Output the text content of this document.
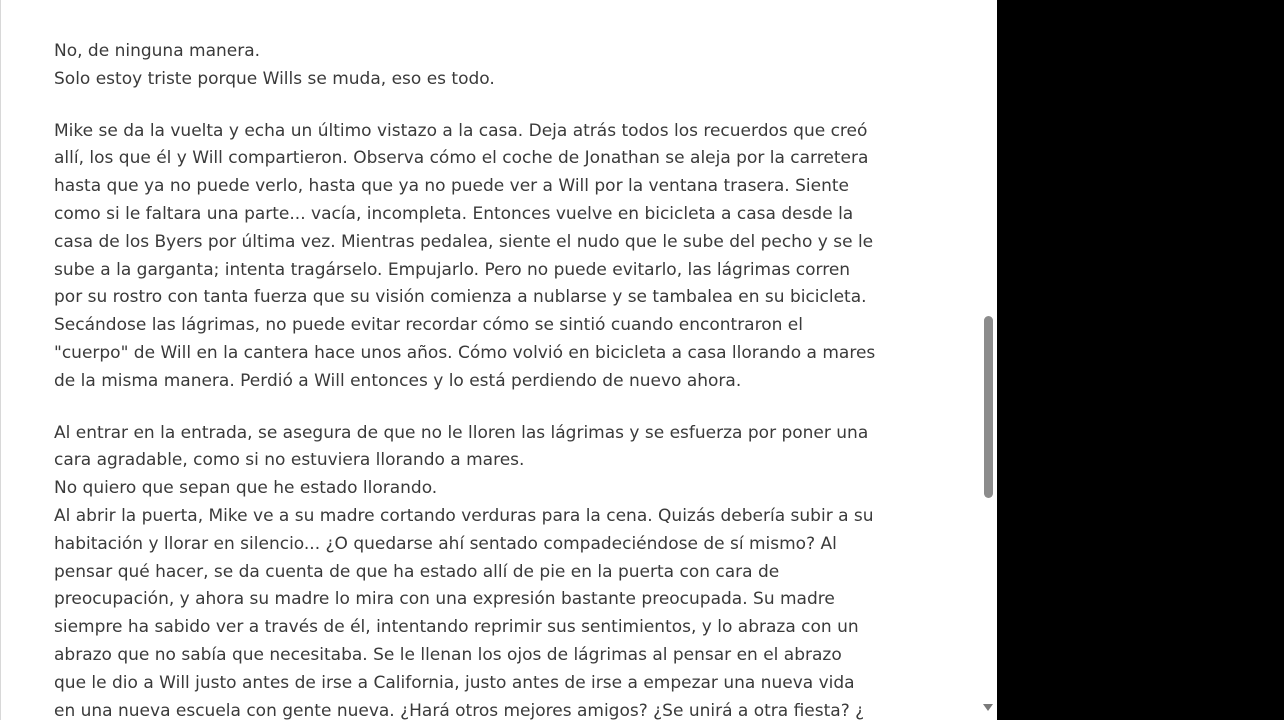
No, de ninguna manera.
Solo estoy triste porque Wills se muda, eso es todo.

Mike se da la vuelta y echa un último vistazo a la casa. Deja atrás todos los recuerdos que creó
allí, los que él y Will compartieron. Observa cómo el coche de Jonathan se aleja por la carretera
hasta que ya no puede verlo, hasta que ya no puede ver a Will por la ventana trasera. Siente
como si le faltara una parte... vacía, incompleta. Entonces vuelve en bicicleta a casa desde la
casa de los Byers por última vez. Mientras pedalea, siente el nudo que le sube del pecho y se le
sube a la garganta; intenta tragárselo. Empujarlo. Pero no puede evitarlo, las lágrimas corren
por su rostro con tanta fuerza que su visión comienza a nublarse y se tambalea en su bicicleta.
Secándose las lágrimas, no puede evitar recordar cómo se sintió cuando encontraron el
"cuerpo" de Will en la cantera hace unos años. Cómo volvió en bicicleta a casa llorando a mares
de la misma manera. Perdió a Will entonces y lo está perdiendo de nuevo ahora.

Al entrar en la entrada, se asegura de que no le lloren las lágrimas y se esfuerza por poner una
cara agradable, como si no estuviera llorando a mares.
No quiero que sepan que he estado llorando.
Al abrir la puerta, Mike ve a su madre cortando verduras para la cena. Quizás debería subir a su
habitación y llorar en silencio... ¿O quedarse ahí sentado compadeciéndose de sí mismo? Al
pensar qué hacer, se da cuenta de que ha estado allí de pie en la puerta con cara de
preocupación, y ahora su madre lo mira con una expresión bastante preocupada. Su madre
siempre ha sabido ver a través de él, intentando reprimir sus sentimientos, y lo abraza con un
abrazo que no sabía que necesitaba. Se le llenan los ojos de lágrimas al pensar en el abrazo
que le dio a Will justo antes de irse a California, justo antes de irse a empezar una nueva vida
en una nueva escuela con gente nueva. ¿Hará otros mejores amigos? ¿Se unirá a otra fiesta? ¿
